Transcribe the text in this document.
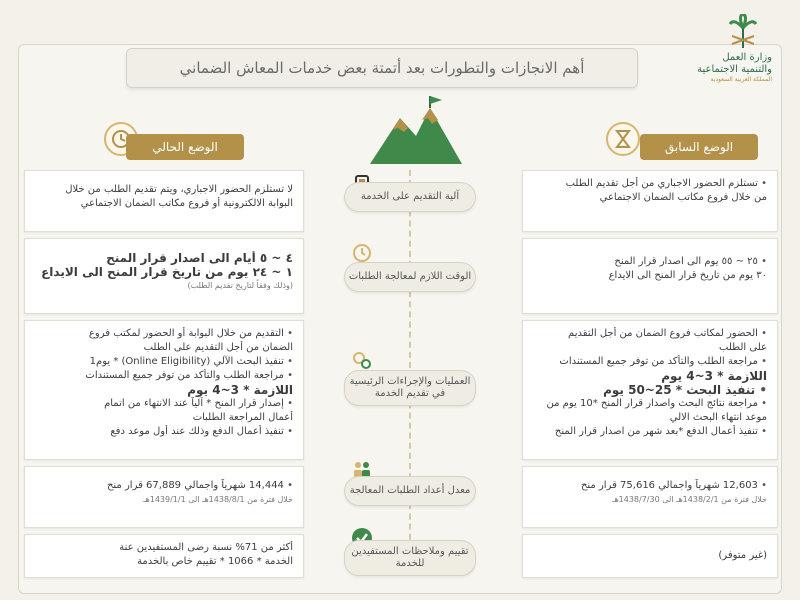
وزارة العمل
والتنمية الاجتماعية
المملكة العربية السعودية
أهم الانجازات والتطورات بعد أتمتة بعض خدمات المعاش الضماني
الوضع السابق
الوضع الحالي
آلية التقديم على الخدمة
الوقت اللازم لمعالجة الطلبات
العمليات والإجراءات الرئيسية في تقديم الخدمة
معدل أعداد الطلبات المعالجة
تقييم وملاحظات المستفيدين للخدمة
• تستلزم الحضور الاجباري من أجل تقديم الطلب
من خلال فروع مكاتب الضمان الاجتماعي
• ٢٥ ~ ٥٥ يوم الى اصدار قرار المنح
٣٠ يوم من تاريخ قرار المنح الى الايداع
• الحضور لمكاتب فروع الضمان من أجل التقديم
على الطلب
• مراجعة الطلب والتأكد من توفر جميع المستندات
اللازمة * 3~4 يوم
• تنفيذ البحث * 25~50 يوم
• مراجعة نتائج البحث واصدار قرار المنح *10 يوم من
موعد انتهاء البحث الالي
• تنفيذ أعمال الدفع *بعد شهر من اصدار قرار المنح
• 12,603 شهرياً واجمالي 75,616 قرار منح
خلال فترة من 1438/2/1هـ الى 1438/7/30هـ
(غير متوفر)
لا تستلزم الحضور الاجباري، ويتم تقديم الطلب من خلال
البوابة الالكترونية أو فروع مكاتب الضمان الاجتماعي
٤ ~ ٥ أيام الى اصدار قرار المنح
١ ~ ٢٤ يوم من تاريخ قرار المنح الى الايداع
(وذلك وفقاً لتاريخ تقديم الطلب)
• التقديم من خلال البوابة أو الحضور لمكتب فروع
الضمان من أجل التقديم على الطلب
• تنفيذ البحث الآلي (Online Eligibility) * يوم1
• مراجعة الطلب والتأكد من توفر جميع المستندات
اللازمة * 3~4 يوم
• إصدار قرار المنح * آلياً عند الانتهاء من اتمام
أعمال المراجعة الطلبات
• تنفيذ أعمال الدفع وذلك عند أول موعد دفع
• 14,444 شهرياً واجمالي 67,889 قرار منح
خلال فترة من 1438/8/1هـ الى 1439/1/1هـ
أكثر من 71% نسبة رضى المستفيدين عنة
الخدمة * 1066 * تقييم خاص بالخدمة
